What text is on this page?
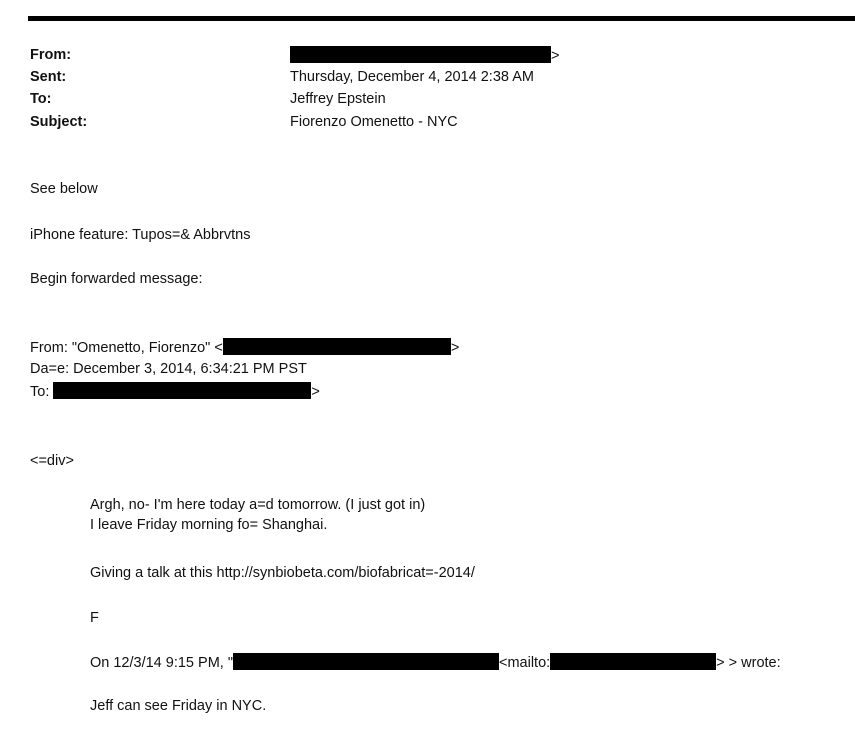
From:	>
Sent:	Thursday, December 4, 2014 2:38 AM
To:	Jeffrey Epstein
Subject:	Fiorenzo Omenetto - NYC
See below
iPhone feature: Tupos=& Abbrvtns
Begin forwarded message:
From: "Omenetto, Fiorenzo" <	>
Da=e: December 3, 2014, 6:34:21 PM PST
To:	>
<=div>
Argh, no- I'm here today a=d tomorrow. (I just got in)
I leave Friday morning fo= Shanghai.
Giving a talk at this http://synbiobeta.com/biofabricat=-2014/
F
On 12/3/14 9:15 PM, "	<mailto:	> > wrote:
Jeff can see Friday in NYC.
